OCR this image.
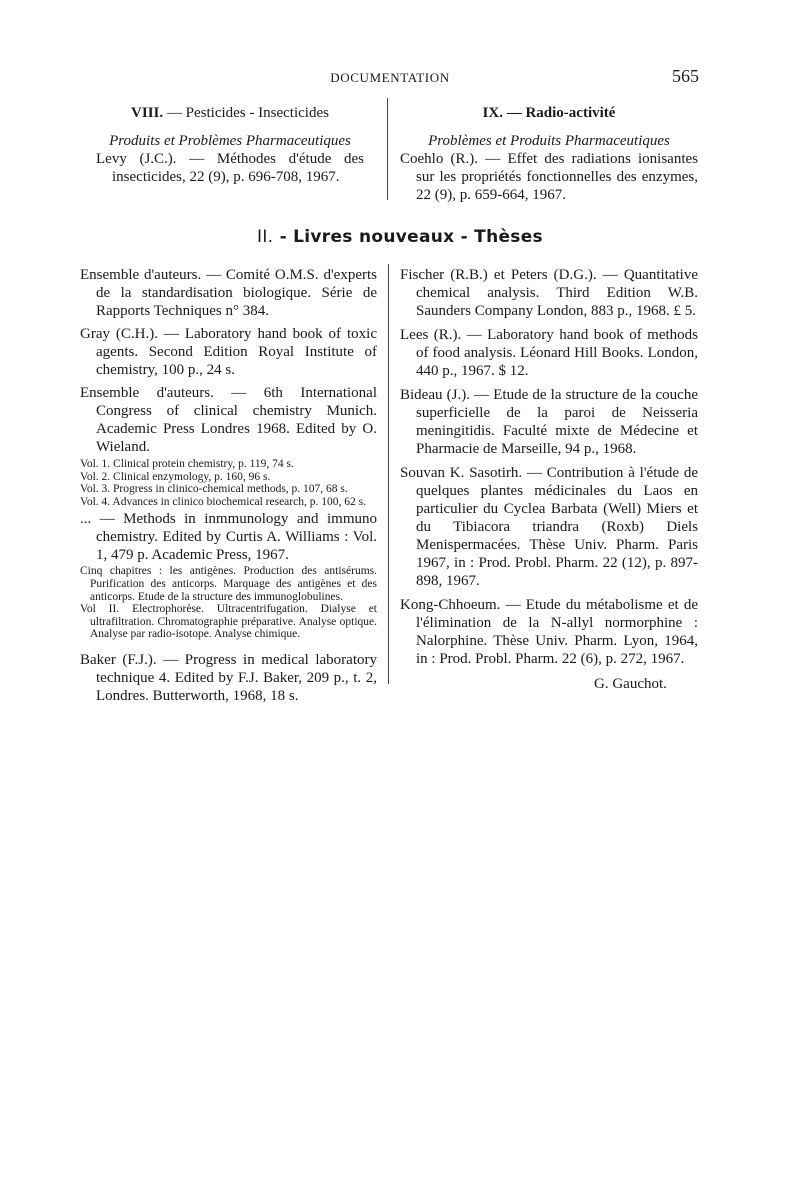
DOCUMENTATION	565

VIII. — Pesticides - Insecticides

Produits et Problèmes Pharmaceutiques

Levy (J.C.). — Méthodes d'étude des insecticides, 22 (9), p. 696-708, 1967.

IX. — Radio-activité

Problèmes et Produits Pharmaceutiques

Coehlo (R.). — Effet des radiations ionisantes sur les propriétés fonctionnelles des enzymes, 22 (9), p. 659-664, 1967.

II. - Livres nouveaux - Thèses

Ensemble d'auteurs. — Comité O.M.S. d'experts de la standardisation biologique. Série de Rapports Techniques n° 384.

Gray (C.H.). — Laboratory hand book of toxic agents. Second Edition Royal Institute of chemistry, 100 p., 24 s.

Ensemble d'auteurs. — 6th International Congress of clinical chemistry Munich. Academic Press Londres 1968. Edited by O. Wieland.

Vol. 1. Clinical protein chemistry, p. 119, 74 s.

Vol. 2. Clinical enzymology, p. 160, 96 s.

Vol. 3. Progress in clinico-chemical methods, p. 107, 68 s.

Vol. 4. Advances in clinico biochemical research, p. 100, 62 s.

... — Methods in inmmunology and immuno chemistry. Edited by Curtis A. Williams : Vol. 1, 479 p. Academic Press, 1967.

Cinq chapitres : les antigènes. Production des antisérums. Purification des anticorps. Marquage des antigènes et des anticorps. Etude de la structure des immunoglobulines.

Vol II. Electrophorèse. Ultracentrifugation. Dialyse et ultrafiltration. Chromatographie préparative. Analyse optique. Analyse par radio-isotope. Analyse chimique.

Baker (F.J.). — Progress in medical laboratory technique 4. Edited by F.J. Baker, 209 p., t. 2, Londres. Butterworth, 1968, 18 s.

Fischer (R.B.) et Peters (D.G.). — Quantitative chemical analysis. Third Edition W.B. Saunders Company London, 883 p., 1968. £ 5.

Lees (R.). — Laboratory hand book of methods of food analysis. Léonard Hill Books. London, 440 p., 1967. $ 12.

Bideau (J.). — Etude de la structure de la couche superficielle de la paroi de Neisseria meningitidis. Faculté mixte de Médecine et Pharmacie de Marseille, 94 p., 1968.

Souvan K. Sasotirh. — Contribution à l'étude de quelques plantes médicinales du Laos en particulier du Cyclea Barbata (Well) Miers et du Tibiacora triandra (Roxb) Diels Menispermacées. Thèse Univ. Pharm. Paris 1967, in : Prod. Probl. Pharm. 22 (12), p. 897-898, 1967.

Kong-Chhoeum. — Etude du métabolisme et de l'élimination de la N-allyl normorphine : Nalorphine. Thèse Univ. Pharm. Lyon, 1964, in : Prod. Probl. Pharm. 22 (6), p. 272, 1967.

G. Gauchot.
